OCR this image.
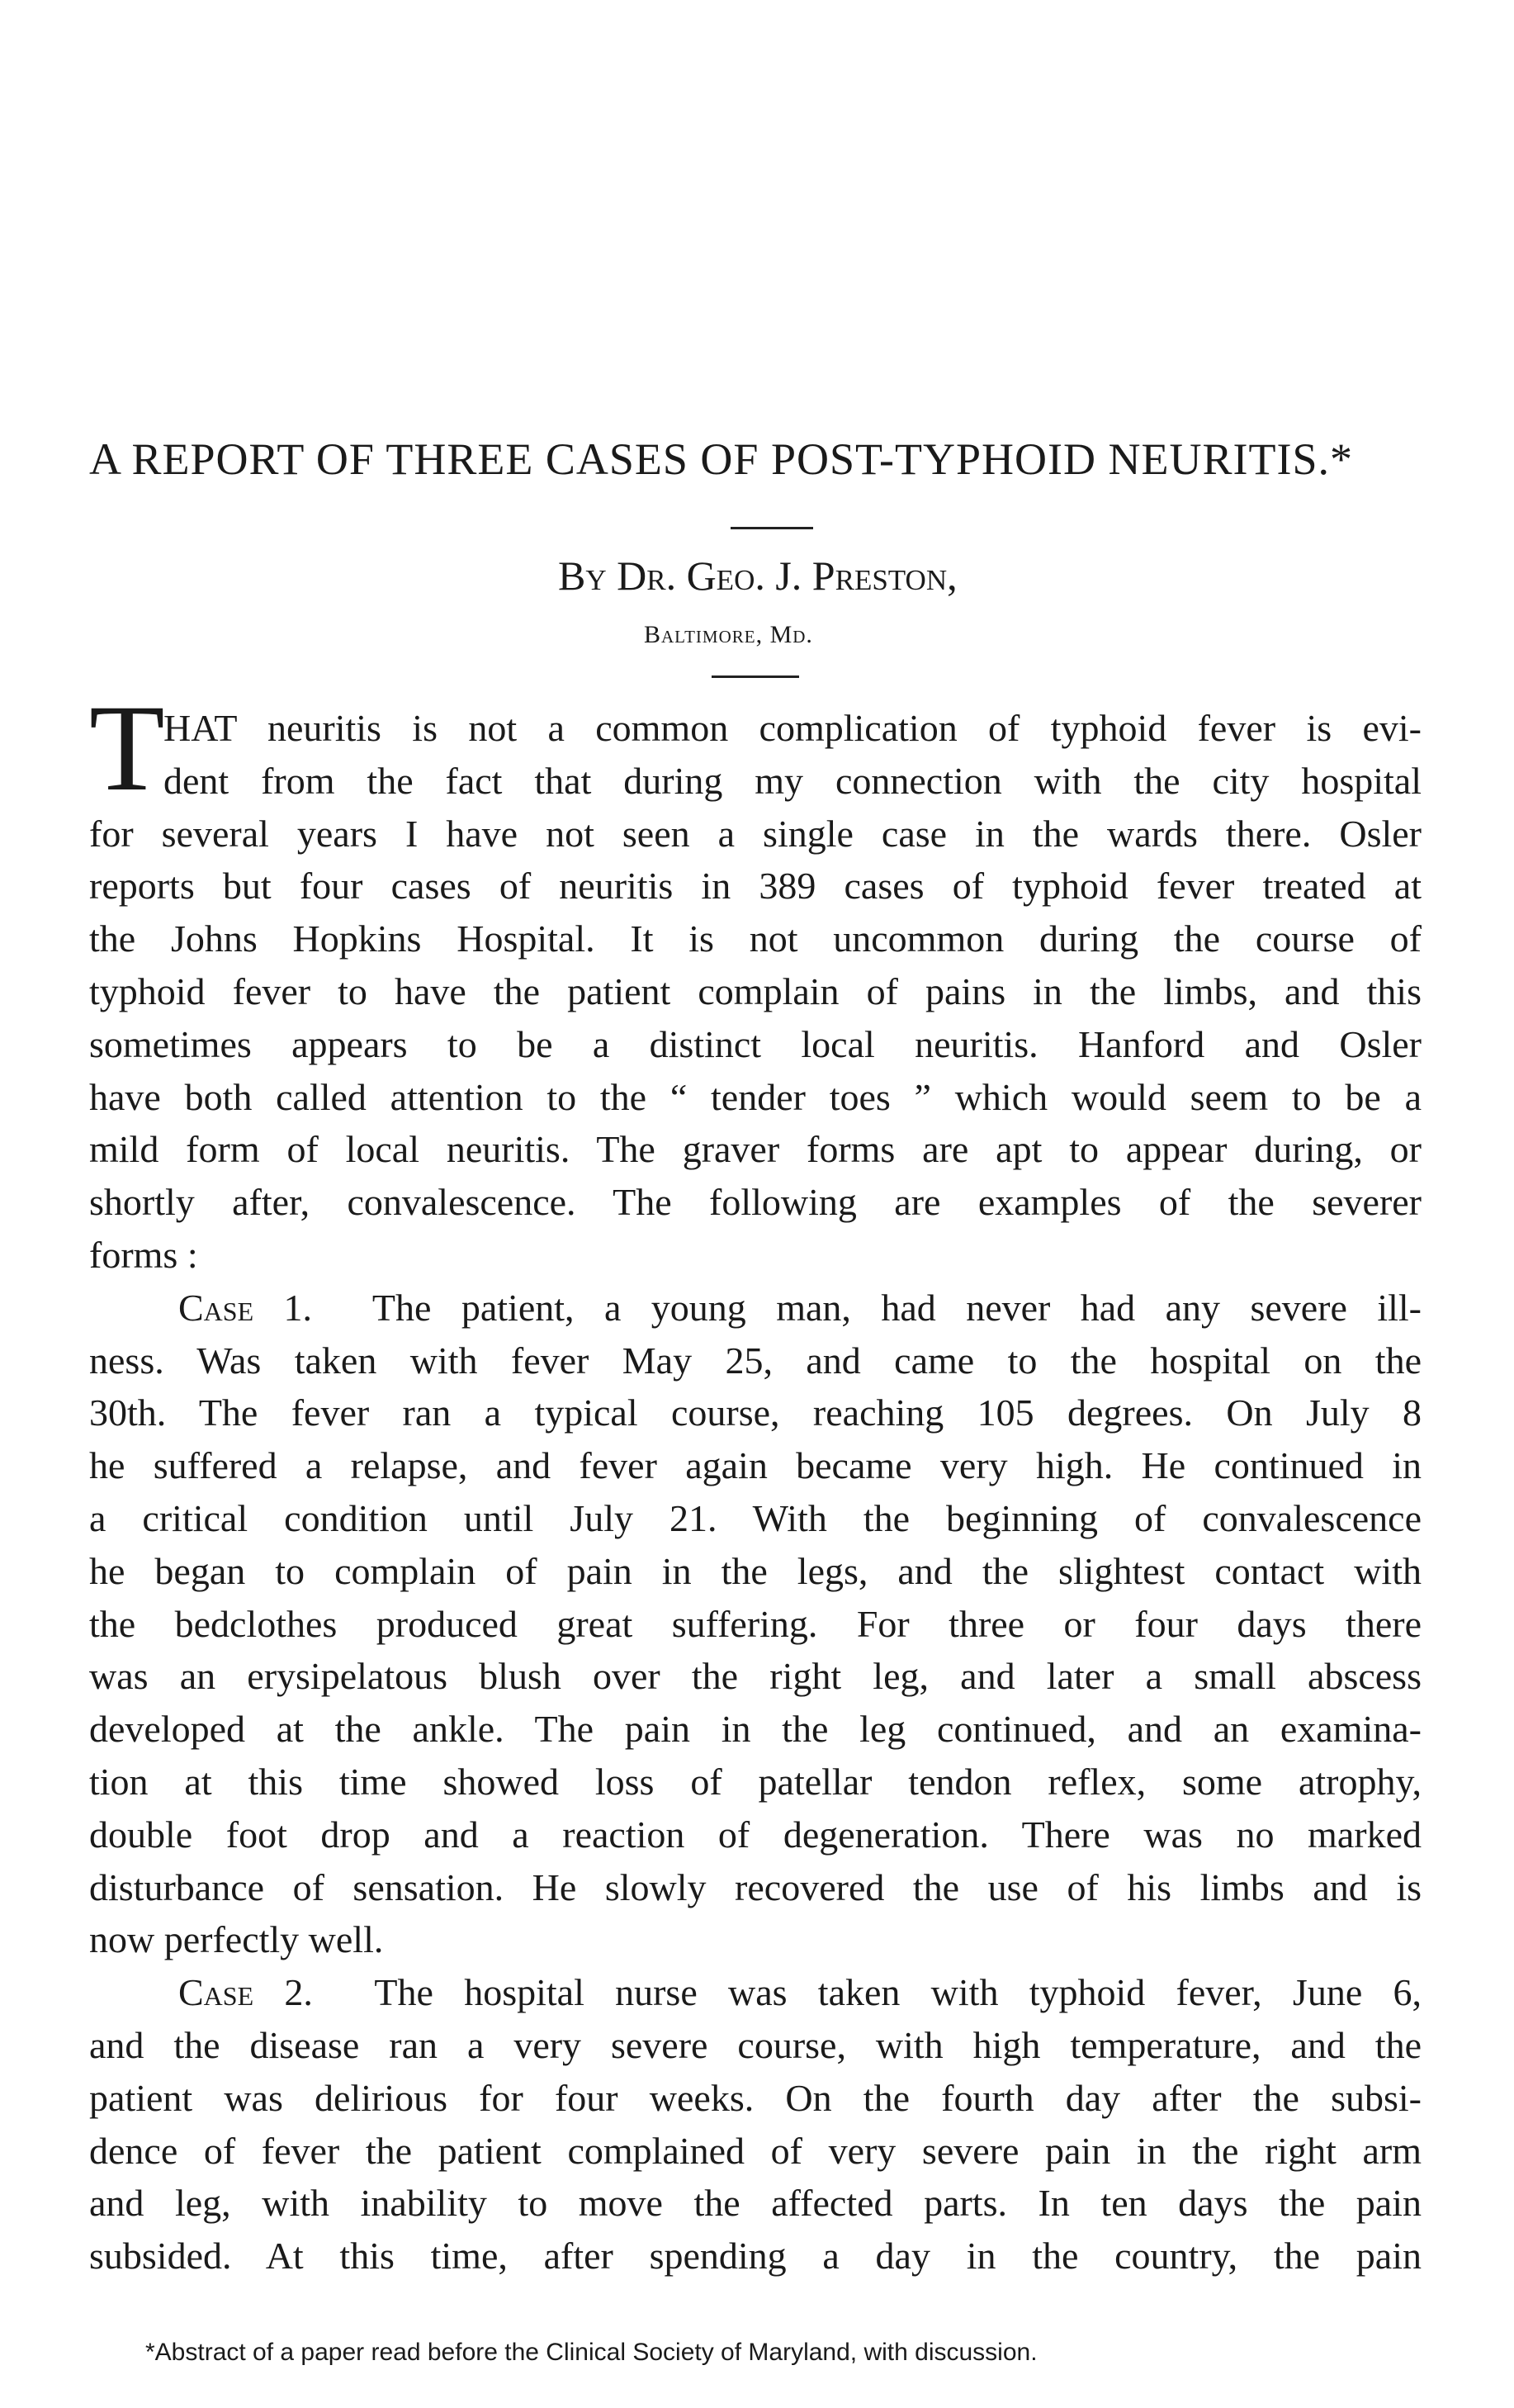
A REPORT OF THREE CASES OF POST-TYPHOID NEURITIS.*
By Dr. Geo. J. Preston,
Baltimore, Md.
T
HAT neuritis is not a common complication of typhoid fever is evi-
dent from the fact that during my connection with the city hospital
for several years I have not seen a single case in the wards there. Osler
reports but four cases of neuritis in 389 cases of typhoid fever treated at
the Johns Hopkins Hospital. It is not uncommon during the course of
typhoid fever to have the patient complain of pains in the limbs, and this
sometimes appears to be a distinct local neuritis. Hanford and Osler
have both called attention to the “ tender toes ” which would seem to be a
mild form of local neuritis. The graver forms are apt to appear during, or
shortly after, convalescence. The following are examples of the severer
forms :
Case 1. The patient, a young man, had never had any severe ill-
ness. Was taken with fever May 25, and came to the hospital on the
30th. The fever ran a typical course, reaching 105 degrees. On July 8
he suffered a relapse, and fever again became very high. He continued in
a critical condition until July 21. With the beginning of convalescence
he began to complain of pain in the legs, and the slightest contact with
the bedclothes produced great suffering. For three or four days there
was an erysipelatous blush over the right leg, and later a small abscess
developed at the ankle. The pain in the leg continued, and an examina-
tion at this time showed loss of patellar tendon reflex, some atrophy,
double foot drop and a reaction of degeneration. There was no marked
disturbance of sensation. He slowly recovered the use of his limbs and is
now perfectly well.
Case 2. The hospital nurse was taken with typhoid fever, June 6,
and the disease ran a very severe course, with high temperature, and the
patient was delirious for four weeks. On the fourth day after the subsi-
dence of fever the patient complained of very severe pain in the right arm
and leg, with inability to move the affected parts. In ten days the pain
subsided. At this time, after spending a day in the country, the pain
*Abstract of a paper read before the Clinical Society of Maryland, with discussion.
